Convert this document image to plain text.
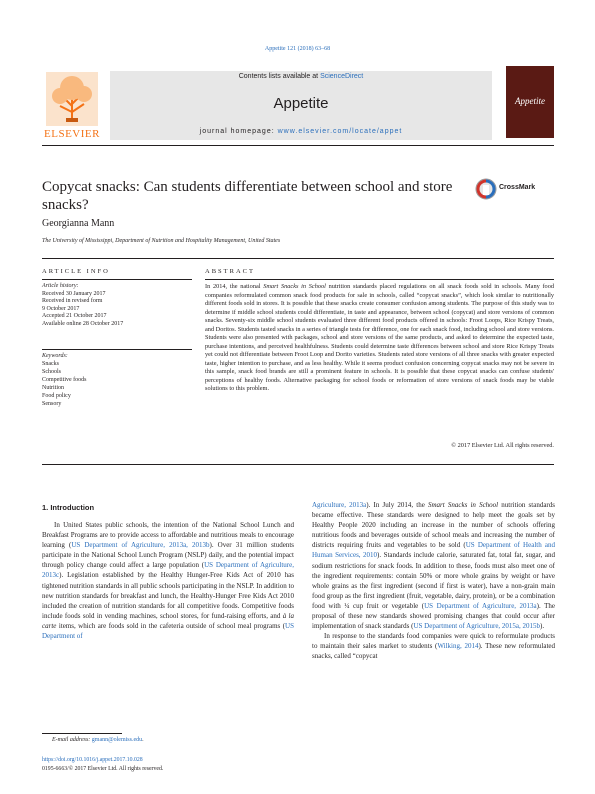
Appetite 121 (2018) 63–68
ELSEVIER
Contents lists available at ScienceDirect
Appetite
journal homepage: www.elsevier.com/locate/appet
Appetite
Copycat snacks: Can students differentiate between school and store snacks?
CrossMark
Georgianna Mann
The University of Mississippi, Department of Nutrition and Hospitality Management, United States
ARTICLE INFO
Article history:
Received 30 January 2017
Received in revised form
9 October 2017
Accepted 21 October 2017
Available online 28 October 2017
Keywords:
Snacks
Schools
Competitive foods
Nutrition
Food policy
Sensory
ABSTRACT
In 2014, the national Smart Snacks in School nutrition standards placed regulations on all snack foods sold in schools. Many food companies reformulated common snack food products for sale in schools, called “copycat snacks”, which look similar to nutritionally different foods sold in stores. It is possible that these snacks create consumer confusion among students. The purpose of this study was to determine if middle school students could differentiate, in taste and appearance, between school (copycat) and store versions of common snacks. Seventy-six middle school students evaluated three different food products offered in schools: Froot Loops, Rice Krispy Treats, and Doritos. Students tasted snacks in a series of triangle tests for difference, one for each snack food, including school and store versions. Students were also presented with packages, school and store versions of the same products, and asked to determine the expected taste, purchase intentions, and perceived healthfulness. Students could determine taste differences between school and store Rice Krispy Treats yet could not differentiate between Froot Loop and Dorito varieties. Students rated store versions of all three snacks with greater expected taste, higher intention to purchase, and as less healthy. While it seems product confusion concerning copycat snacks may not be severe in this sample, snack food brands are still a prominent feature in schools. It is possible that these copycat snacks can confuse students' perceptions of healthy foods. Alternative packaging for school foods or reformation of store versions of snack foods may be viable solutions to this problem.
© 2017 Elsevier Ltd. All rights reserved.
1. Introduction

In United States public schools, the intention of the National School Lunch and Breakfast Programs are to provide access to affordable and nutritious meals to encourage learning (US Department of Agriculture, 2013a, 2013b). Over 31 million students participate in the National School Lunch Program (NSLP) daily, and the potential impact through policy change could affect a large population (US Department of Agriculture, 2013c). Legislation established by the Healthy Hunger-Free Kids Act of 2010 has tightened nutrition standards in all public schools participating in the NSLP. In addition to new nutrition standards for breakfast and lunch, the Healthy-Hunger Free Kids Act 2010 included the creation of nutrition standards for all competitive foods. Competitive foods include foods sold in vending machines, school stores, for fund-raising efforts, and à la carte items, which are foods sold in the cafeteria outside of school meal programs (US Department of

Agriculture, 2013a). In July 2014, the Smart Snacks in School nutrition standards became effective. These standards were designed to help meet the goals set by Healthy People 2020 including an increase in the number of schools offering nutritious foods and beverages outside of school meals and increasing the number of districts requiring fruits and vegetables to be sold (US Department of Health and Human Services, 2010). Standards include calorie, saturated fat, total fat, sugar, and sodium restrictions for snack foods. In addition to these, foods must also meet one of the ingredient requirements: contain 50% or more whole grains by weight or have whole grains as the first ingredient (second if first is water), have a non-grain main food group as the first ingredient (fruit, vegetable, dairy, protein), or be a combination food with ¼ cup fruit or vegetable (US Department of Agriculture, 2013a). The proposal of these new standards showed promising changes that could occur after implementation of snack standards (US Department of Agriculture, 2015a, 2015b).

In response to the standards food companies were quick to reformulate products to maintain their sales market to students (Wilking, 2014). These new reformulated snacks, called “copycat

E-mail address: gmann@olemiss.edu.
https://doi.org/10.1016/j.appet.2017.10.028
0195-6663/© 2017 Elsevier Ltd. All rights reserved.
